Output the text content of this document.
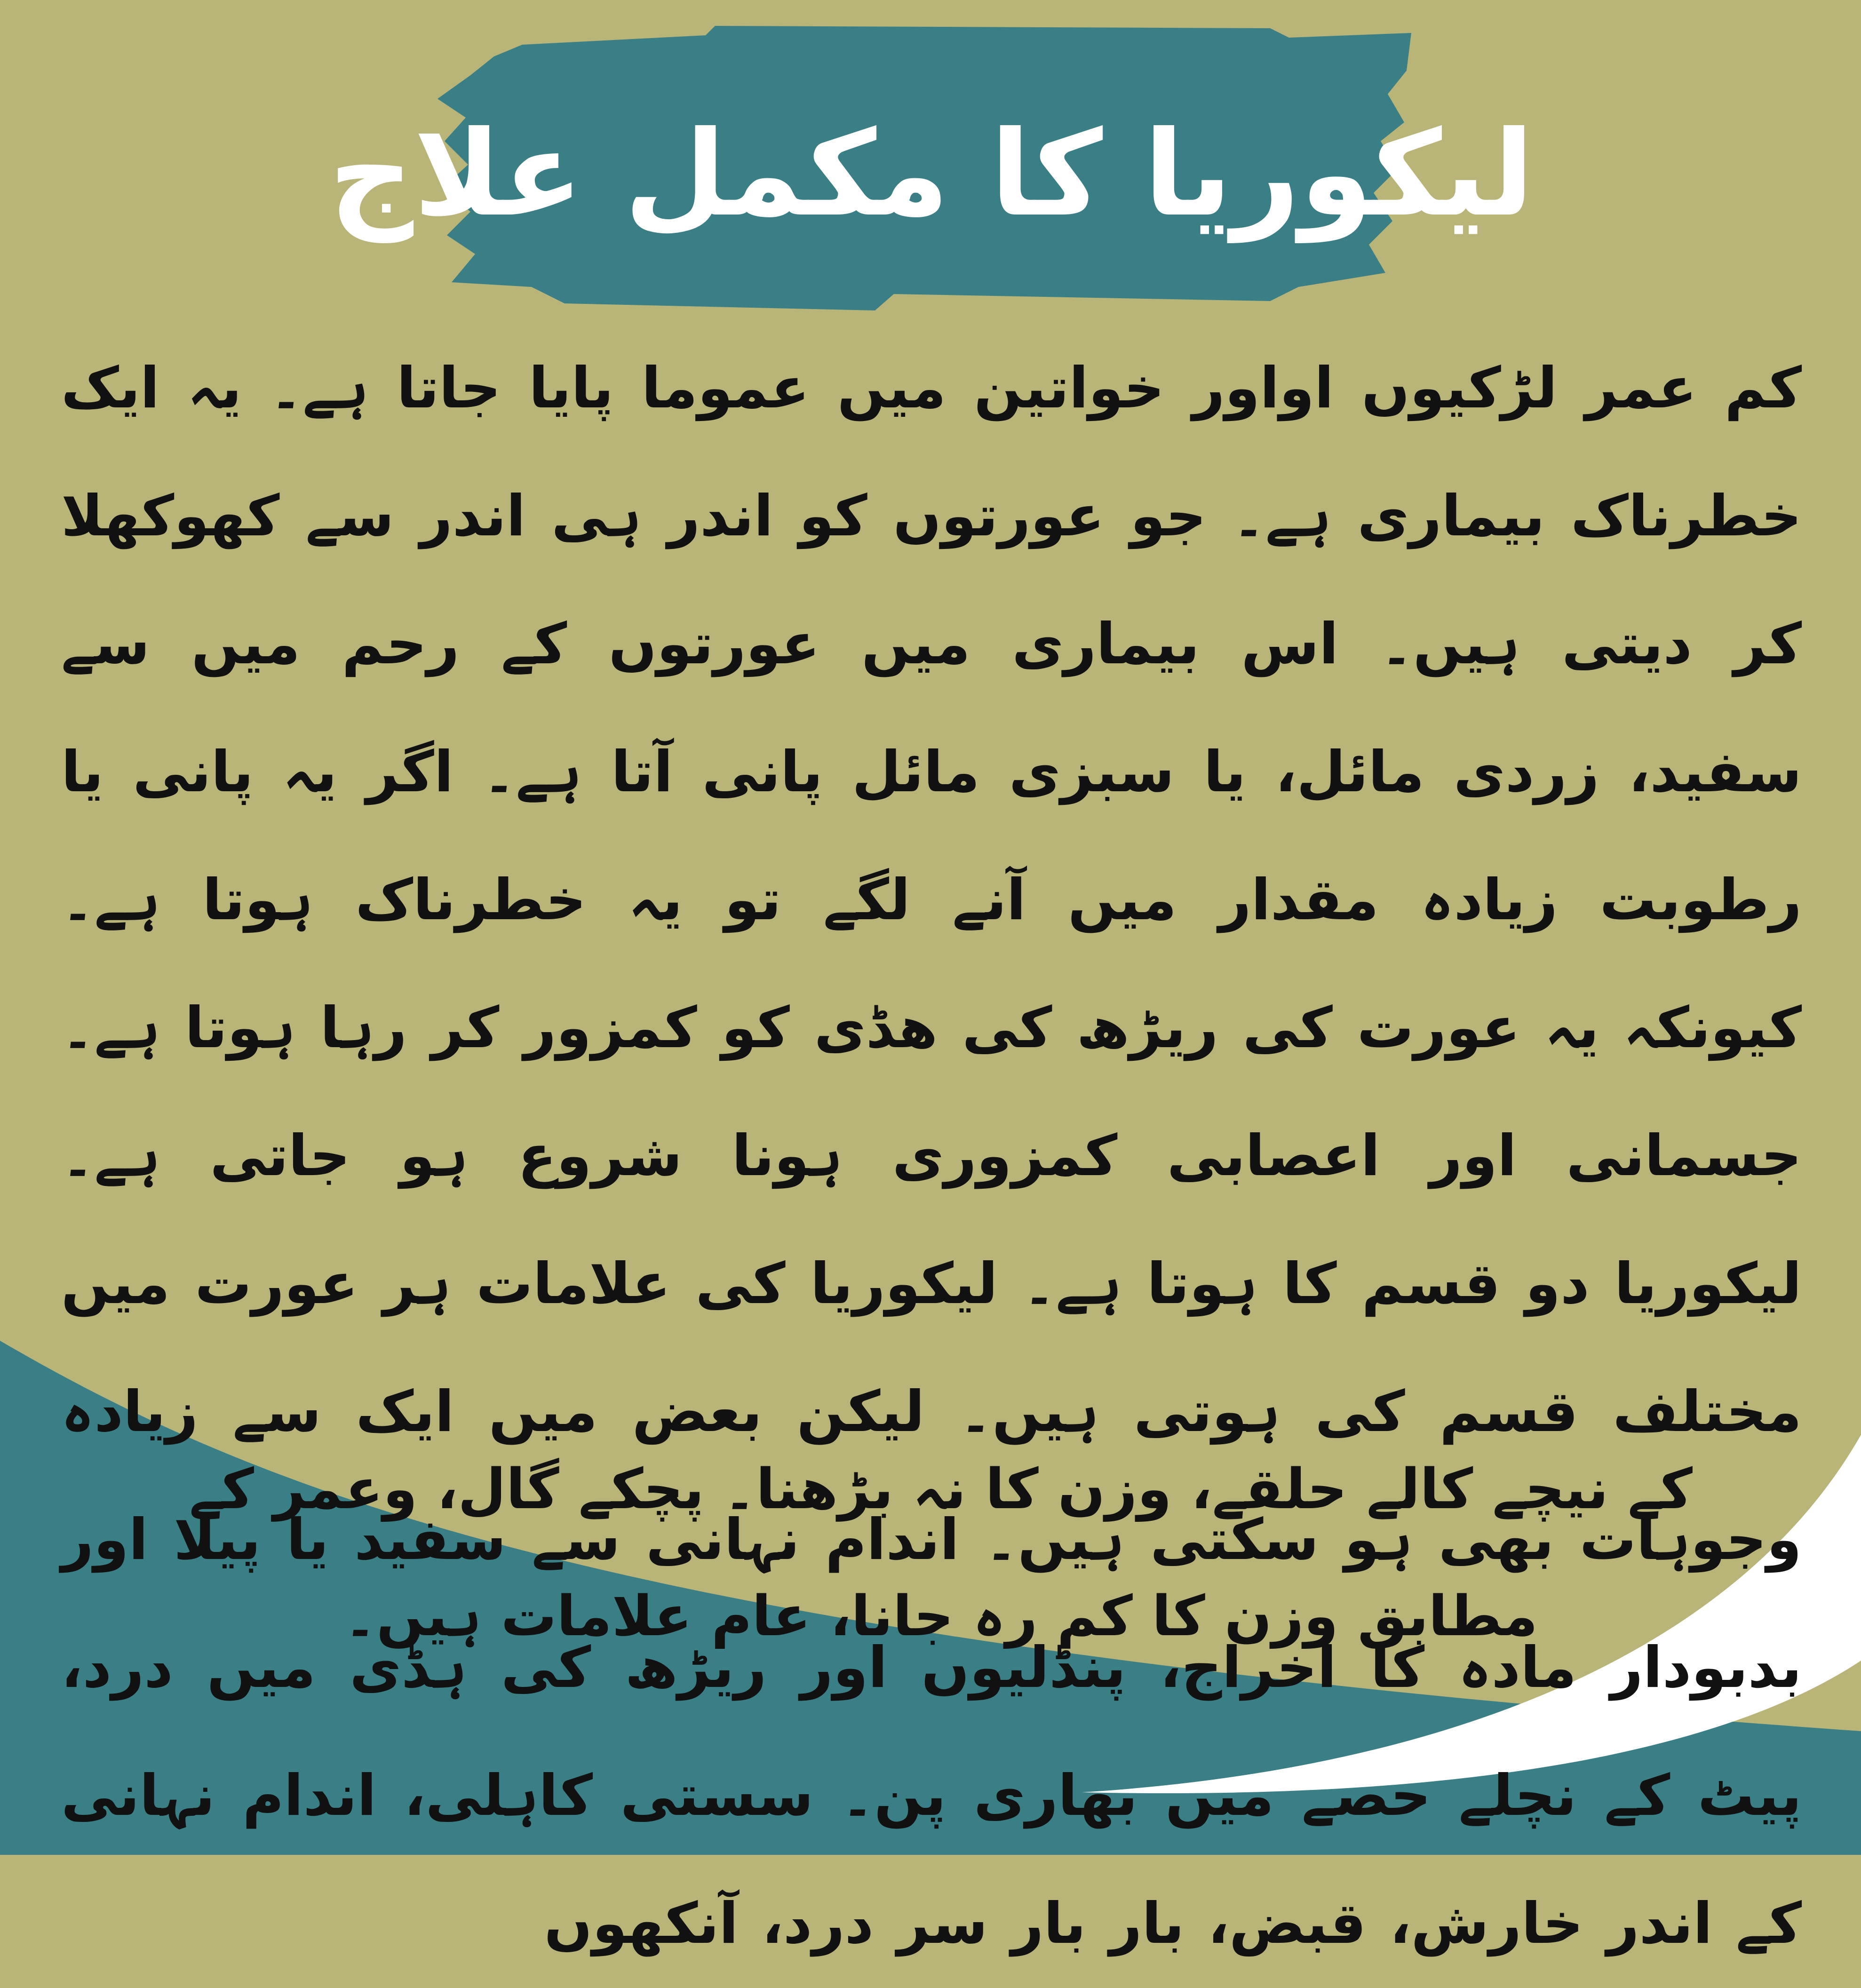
لیکوریا کا مکمل علاج
کم عمر لڑکیوں اواور خواتین میں عموما پایا جاتا ہے۔ یہ ایک خطرناک بیماری ہے۔ جو عورتوں کو اندر ہی اندر سے کھوکھلا کر دیتی ہیں۔ اس بیماری میں عورتوں کے رحم میں سے سفید، زردی مائل، یا سبزی مائل پانی آتا ہے۔ اگر یہ پانی یا رطوبت زیادہ مقدار میں آنے لگے تو یہ خطرناک ہوتا ہے۔ کیونکہ یہ عورت کی ریڑھ کی ھڈی کو کمزور کر رہا ہوتا ہے۔ جسمانی اور اعصابی کمزوری ہونا شروع ہو جاتی ہے۔ لیکوریا دو قسم کا ہوتا ہے۔ لیکوریا کی علامات ہر عورت میں مختلف قسم کی ہوتی ہیں۔ لیکن بعض میں ایک سے زیادہ وجوہات بھی ہو سکتی ہیں۔ اندام نہانی سے سفید یا پیلا اور بدبودار مادہ کا اخراج، پنڈلیوں اور ریڑھ کی ہڈی میں درد، پیٹ کے نچلے حصے میں بھاری پن۔ سستی کاہلی، اندام نہانی کے اندر خارش، قبض، بار بار سر درد، آنکھوں
کے نیچے کالے حلقے، وزن کا نہ بڑھنا۔ پچکے گال، وعمر کے مطابق وزن کا کم رہ جانا، عام علامات ہیں۔
